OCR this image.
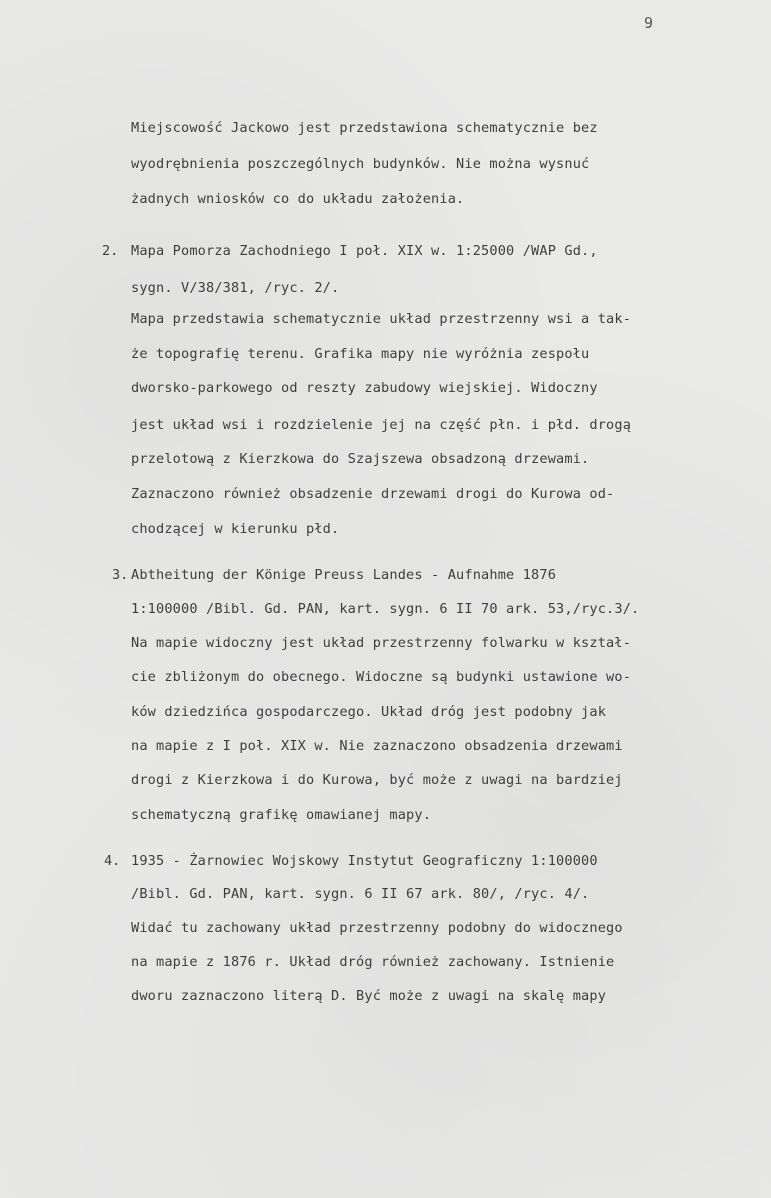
9
Miejscowość Jackowo jest przedstawiona schematycznie bez
wyodrębnienia poszczególnych budynków. Nie można wysnuć
żadnych wniosków co do układu założenia.
2. Mapa Pomorza Zachodniego I poł. XIX w. 1:25000 /WAP Gd.,
sygn. V/38/381, /ryc. 2/.
Mapa przedstawia schematycznie układ przestrzenny wsi a tak-
że topografię terenu. Grafika mapy nie wyróżnia zespołu
dworsko-parkowego od reszty zabudowy wiejskiej. Widoczny
jest układ wsi i rozdzielenie jej na część płn. i płd. drogą
przelotową z Kierzkowa do Szajszewa obsadzoną drzewami.
Zaznaczono również obsadzenie drzewami drogi do Kurowa od-
chodzącej w kierunku płd.
3. Abtheitung der Könige Preuss Landes - Aufnahme 1876
1:100000 /Bibl. Gd. PAN, kart. sygn. 6 II 70 ark. 53,/ryc.3/.
Na mapie widoczny jest układ przestrzenny folwarku w kształ-
cie zbliżonym do obecnego. Widoczne są budynki ustawione wo-
ków dziedzińca gospodarczego. Układ dróg jest podobny jak
na mapie z I poł. XIX w. Nie zaznaczono obsadzenia drzewami
drogi z Kierzkowa i do Kurowa, być może z uwagi na bardziej
schematyczną grafikę omawianej mapy.
4. 1935 - Żarnowiec Wojskowy Instytut Geograficzny 1:100000
/Bibl. Gd. PAN, kart. sygn. 6 II 67 ark. 80/, /ryc. 4/.
Widać tu zachowany układ przestrzenny podobny do widocznego
na mapie z 1876 r. Układ dróg również zachowany. Istnienie
dworu zaznaczono literą D. Być może z uwagi na skalę mapy
